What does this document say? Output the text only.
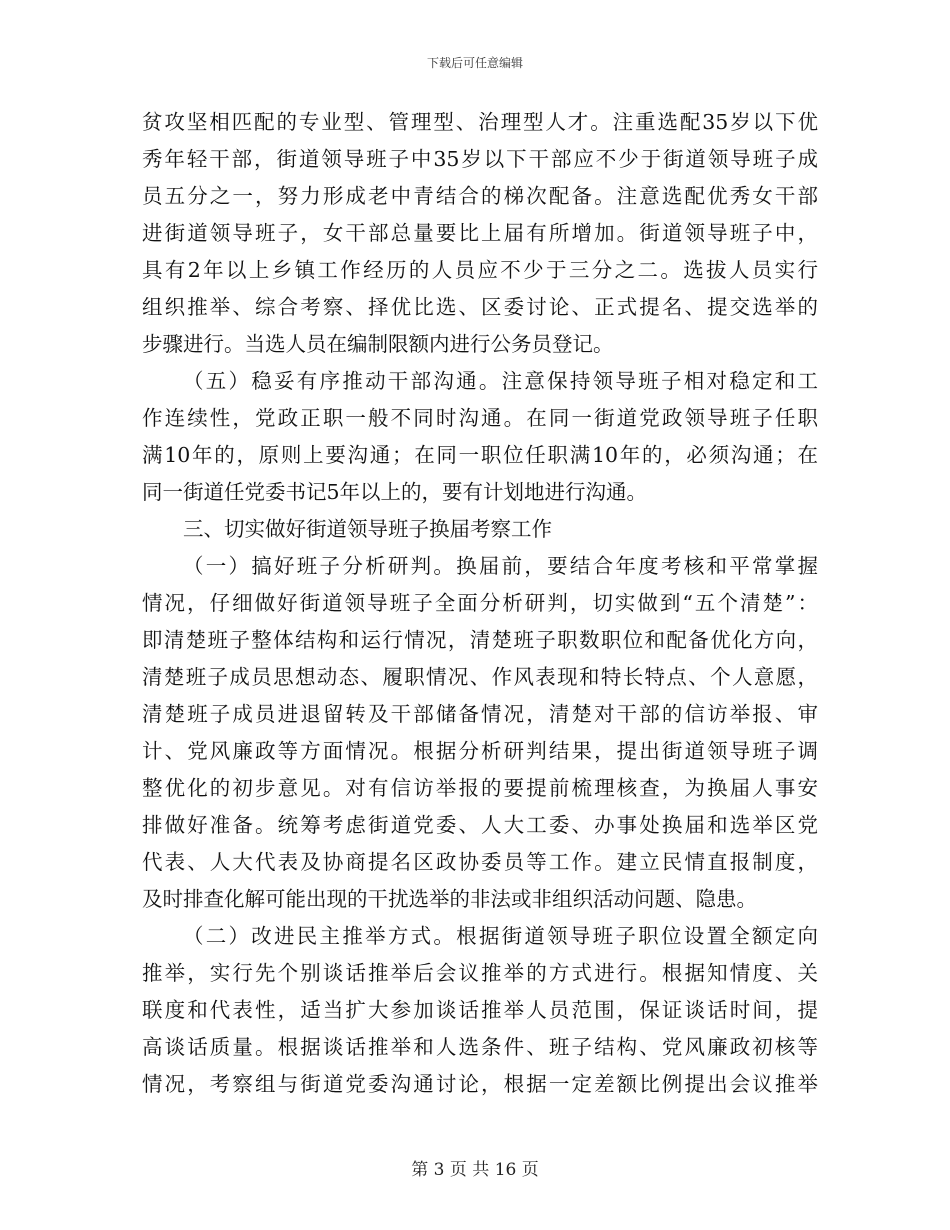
下载后可任意编辑
贫攻坚相匹配的专业型、管理型、治理型人才。注重选配35岁以下优
秀年轻干部，街道领导班子中35岁以下干部应不少于街道领导班子成
员五分之一，努力形成老中青结合的梯次配备。注意选配优秀女干部
进街道领导班子，女干部总量要比上届有所增加。街道领导班子中，
具有2年以上乡镇工作经历的人员应不少于三分之二。选拔人员实行
组织推举、综合考察、择优比选、区委讨论、正式提名、提交选举的
步骤进行。当选人员在编制限额内进行公务员登记。
（五）稳妥有序推动干部沟通。注意保持领导班子相对稳定和工
作连续性，党政正职一般不同时沟通。在同一街道党政领导班子任职
满10年的，原则上要沟通；在同一职位任职满10年的，必须沟通；在
同一街道任党委书记5年以上的，要有计划地进行沟通。
三、切实做好街道领导班子换届考察工作
（一）搞好班子分析研判。换届前，要结合年度考核和平常掌握
情况，仔细做好街道领导班子全面分析研判，切实做到“五个清楚”：
即清楚班子整体结构和运行情况，清楚班子职数职位和配备优化方向，
清楚班子成员思想动态、履职情况、作风表现和特长特点、个人意愿，
清楚班子成员进退留转及干部储备情况，清楚对干部的信访举报、审
计、党风廉政等方面情况。根据分析研判结果，提出街道领导班子调
整优化的初步意见。对有信访举报的要提前梳理核查，为换届人事安
排做好准备。统筹考虑街道党委、人大工委、办事处换届和选举区党
代表、人大代表及协商提名区政协委员等工作。建立民情直报制度，
及时排查化解可能出现的干扰选举的非法或非组织活动问题、隐患。
（二）改进民主推举方式。根据街道领导班子职位设置全额定向
推举，实行先个别谈话推举后会议推举的方式进行。根据知情度、关
联度和代表性，适当扩大参加谈话推举人员范围，保证谈话时间，提
高谈话质量。根据谈话推举和人选条件、班子结构、党风廉政初核等
情况，考察组与街道党委沟通讨论，根据一定差额比例提出会议推举
第 3 页 共 16 页
